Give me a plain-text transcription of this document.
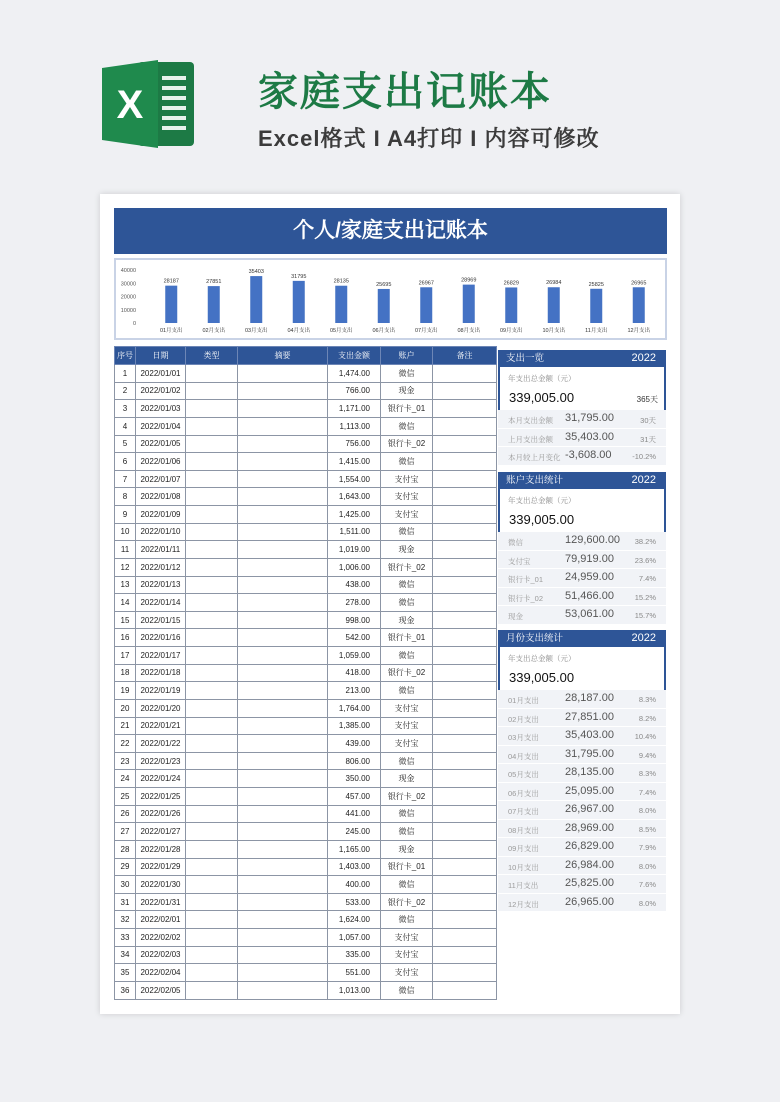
X	家庭支出记账本
Excel格式 I A4打印 I 内容可修改
个人/家庭支出记账本
40000
30000
20000
10000
0
28187
01月支出
27851
02月支出
35403
03月支出
31795
04月支出
28135
05月支出
25695
06月支出
26967
07月支出
28969
08月支出
26829
09月支出
26984
10月支出
25825
11月支出
26965
12月支出
序号	日期	类型	摘要	支出金额	账户	备注
1	2022/01/01			1,474.00	微信	
2	2022/01/02			766.00	现金	
3	2022/01/03			1,171.00	银行卡_01	
4	2022/01/04			1,113.00	微信	
5	2022/01/05			756.00	银行卡_02	
6	2022/01/06			1,415.00	微信	
7	2022/01/07			1,554.00	支付宝	
8	2022/01/08			1,643.00	支付宝	
9	2022/01/09			1,425.00	支付宝	
10	2022/01/10			1,511.00	微信	
11	2022/01/11			1,019.00	现金	
12	2022/01/12			1,006.00	银行卡_02	
13	2022/01/13			438.00	微信	
14	2022/01/14			278.00	微信	
15	2022/01/15			998.00	现金	
16	2022/01/16			542.00	银行卡_01	
17	2022/01/17			1,059.00	微信	
18	2022/01/18			418.00	银行卡_02	
19	2022/01/19			213.00	微信	
20	2022/01/20			1,764.00	支付宝	
21	2022/01/21			1,385.00	支付宝	
22	2022/01/22			439.00	支付宝	
23	2022/01/23			806.00	微信	
24	2022/01/24			350.00	现金	
25	2022/01/25			457.00	银行卡_02	
26	2022/01/26			441.00	微信	
27	2022/01/27			245.00	微信	
28	2022/01/28			1,165.00	现金	
29	2022/01/29			1,403.00	银行卡_01	
30	2022/01/30			400.00	微信	
31	2022/01/31			533.00	银行卡_02	
32	2022/02/01			1,624.00	微信	
33	2022/02/02			1,057.00	支付宝	
34	2022/02/03			335.00	支付宝	
35	2022/02/04			551.00	支付宝	
36	2022/02/05			1,013.00	微信	
支出一览	2022
年支出总金额（元）
339,005.00	365天
本月支出金额 31,795.00	30天
上月支出金额 35,403.00	31天
本月较上月变化 -3,608.00	-10.2%
账户支出统计	2022
年支出总金额（元）
339,005.00
微信	129,600.00 38.2%
支付宝	79,919.00	23.6%
银行卡_01 24,959.00	7.4%
银行卡_02 51,466.00	15.2%
现金	53,061.00	15.7%
月份支出统计	2022
年支出总金额（元）
339,005.00
01月支出 28,187.00	8.3%
02月支出 27,851.00	8.2%
03月支出 35,403.00	10.4%
04月支出 31,795.00	9.4%
05月支出 28,135.00	8.3%
06月支出 25,095.00	7.4%
07月支出 26,967.00	8.0%
08月支出 28,969.00	8.5%
09月支出 26,829.00	7.9%
10月支出 26,984.00	8.0%
11月支出 25,825.00	7.6%
12月支出 26,965.00	8.0%
